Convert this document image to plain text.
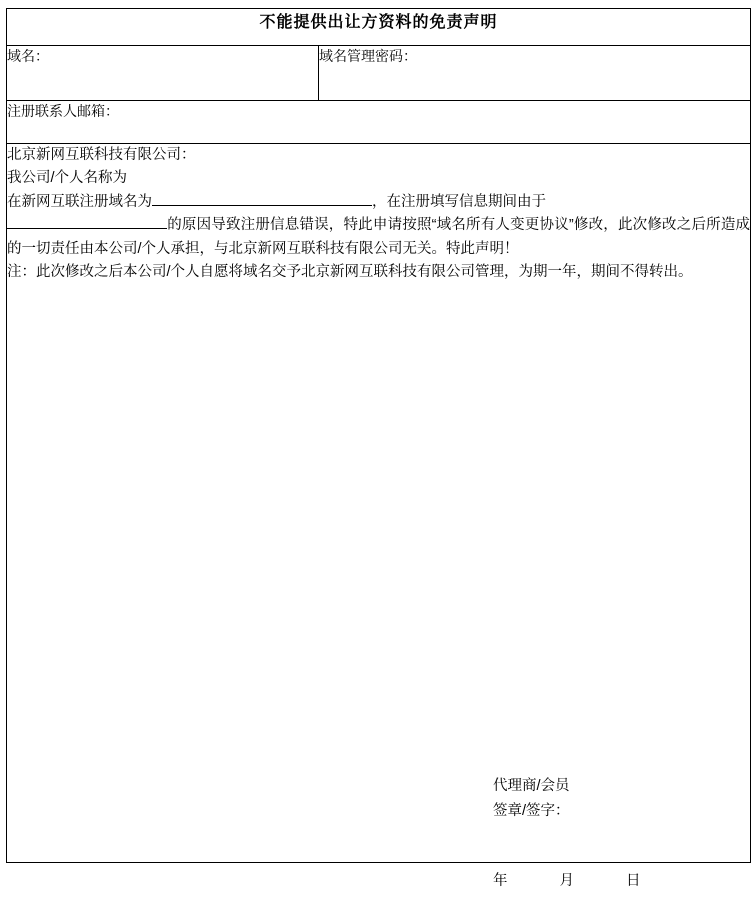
不能提供出让方资料的免责声明
域名：	域名管理密码：
注册联系人邮箱：

北京新网互联科技有限公司：

我公司/个人名称为

在新网互联注册域名为	，在注册填写信息期间由于

的原因导致注册信息错误，特此申请按照“域名所有人变更协议”修改，此次修改之后所造成的一切责任由本公司/个人承担，与北京新网互联科技有限公司无关。特此声明！

注：此次修改之后本公司/个人自愿将域名交予北京新网互联科技有限公司管理，为期一年，期间不得转出。

代理商/会员
签章/签字：
年	月	日
